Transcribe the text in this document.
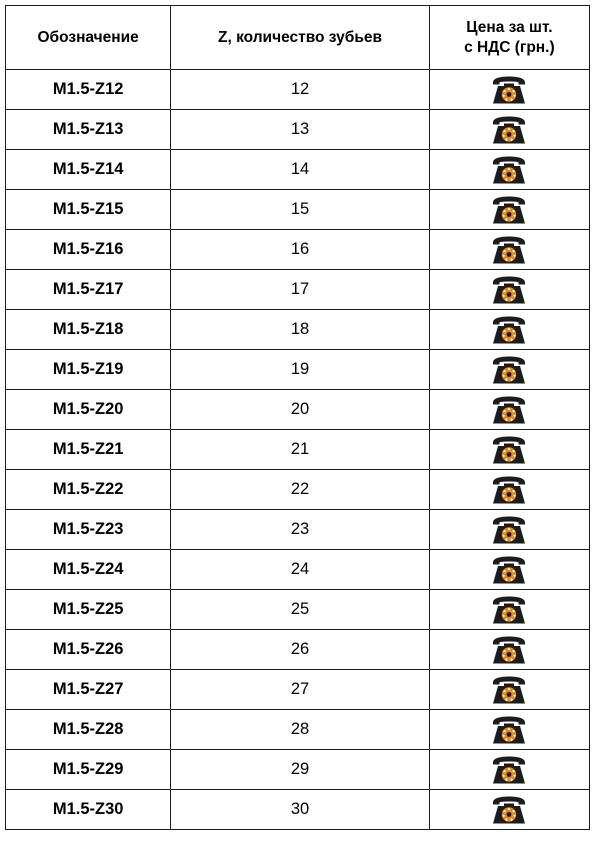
Обозначение	Z, количество зубьев	Цена за шт.
с НДС (грн.)

M1.5-Z12	12	

M1.5-Z13	13	

M1.5-Z14	14	

M1.5-Z15	15	

M1.5-Z16	16	

M1.5-Z17	17	

M1.5-Z18	18	

M1.5-Z19	19	

M1.5-Z20	20	

M1.5-Z21	21	

M1.5-Z22	22	

M1.5-Z23	23	

M1.5-Z24	24	

M1.5-Z25	25	

M1.5-Z26	26	

M1.5-Z27	27	

M1.5-Z28	28	

M1.5-Z29	29	

M1.5-Z30	30	
